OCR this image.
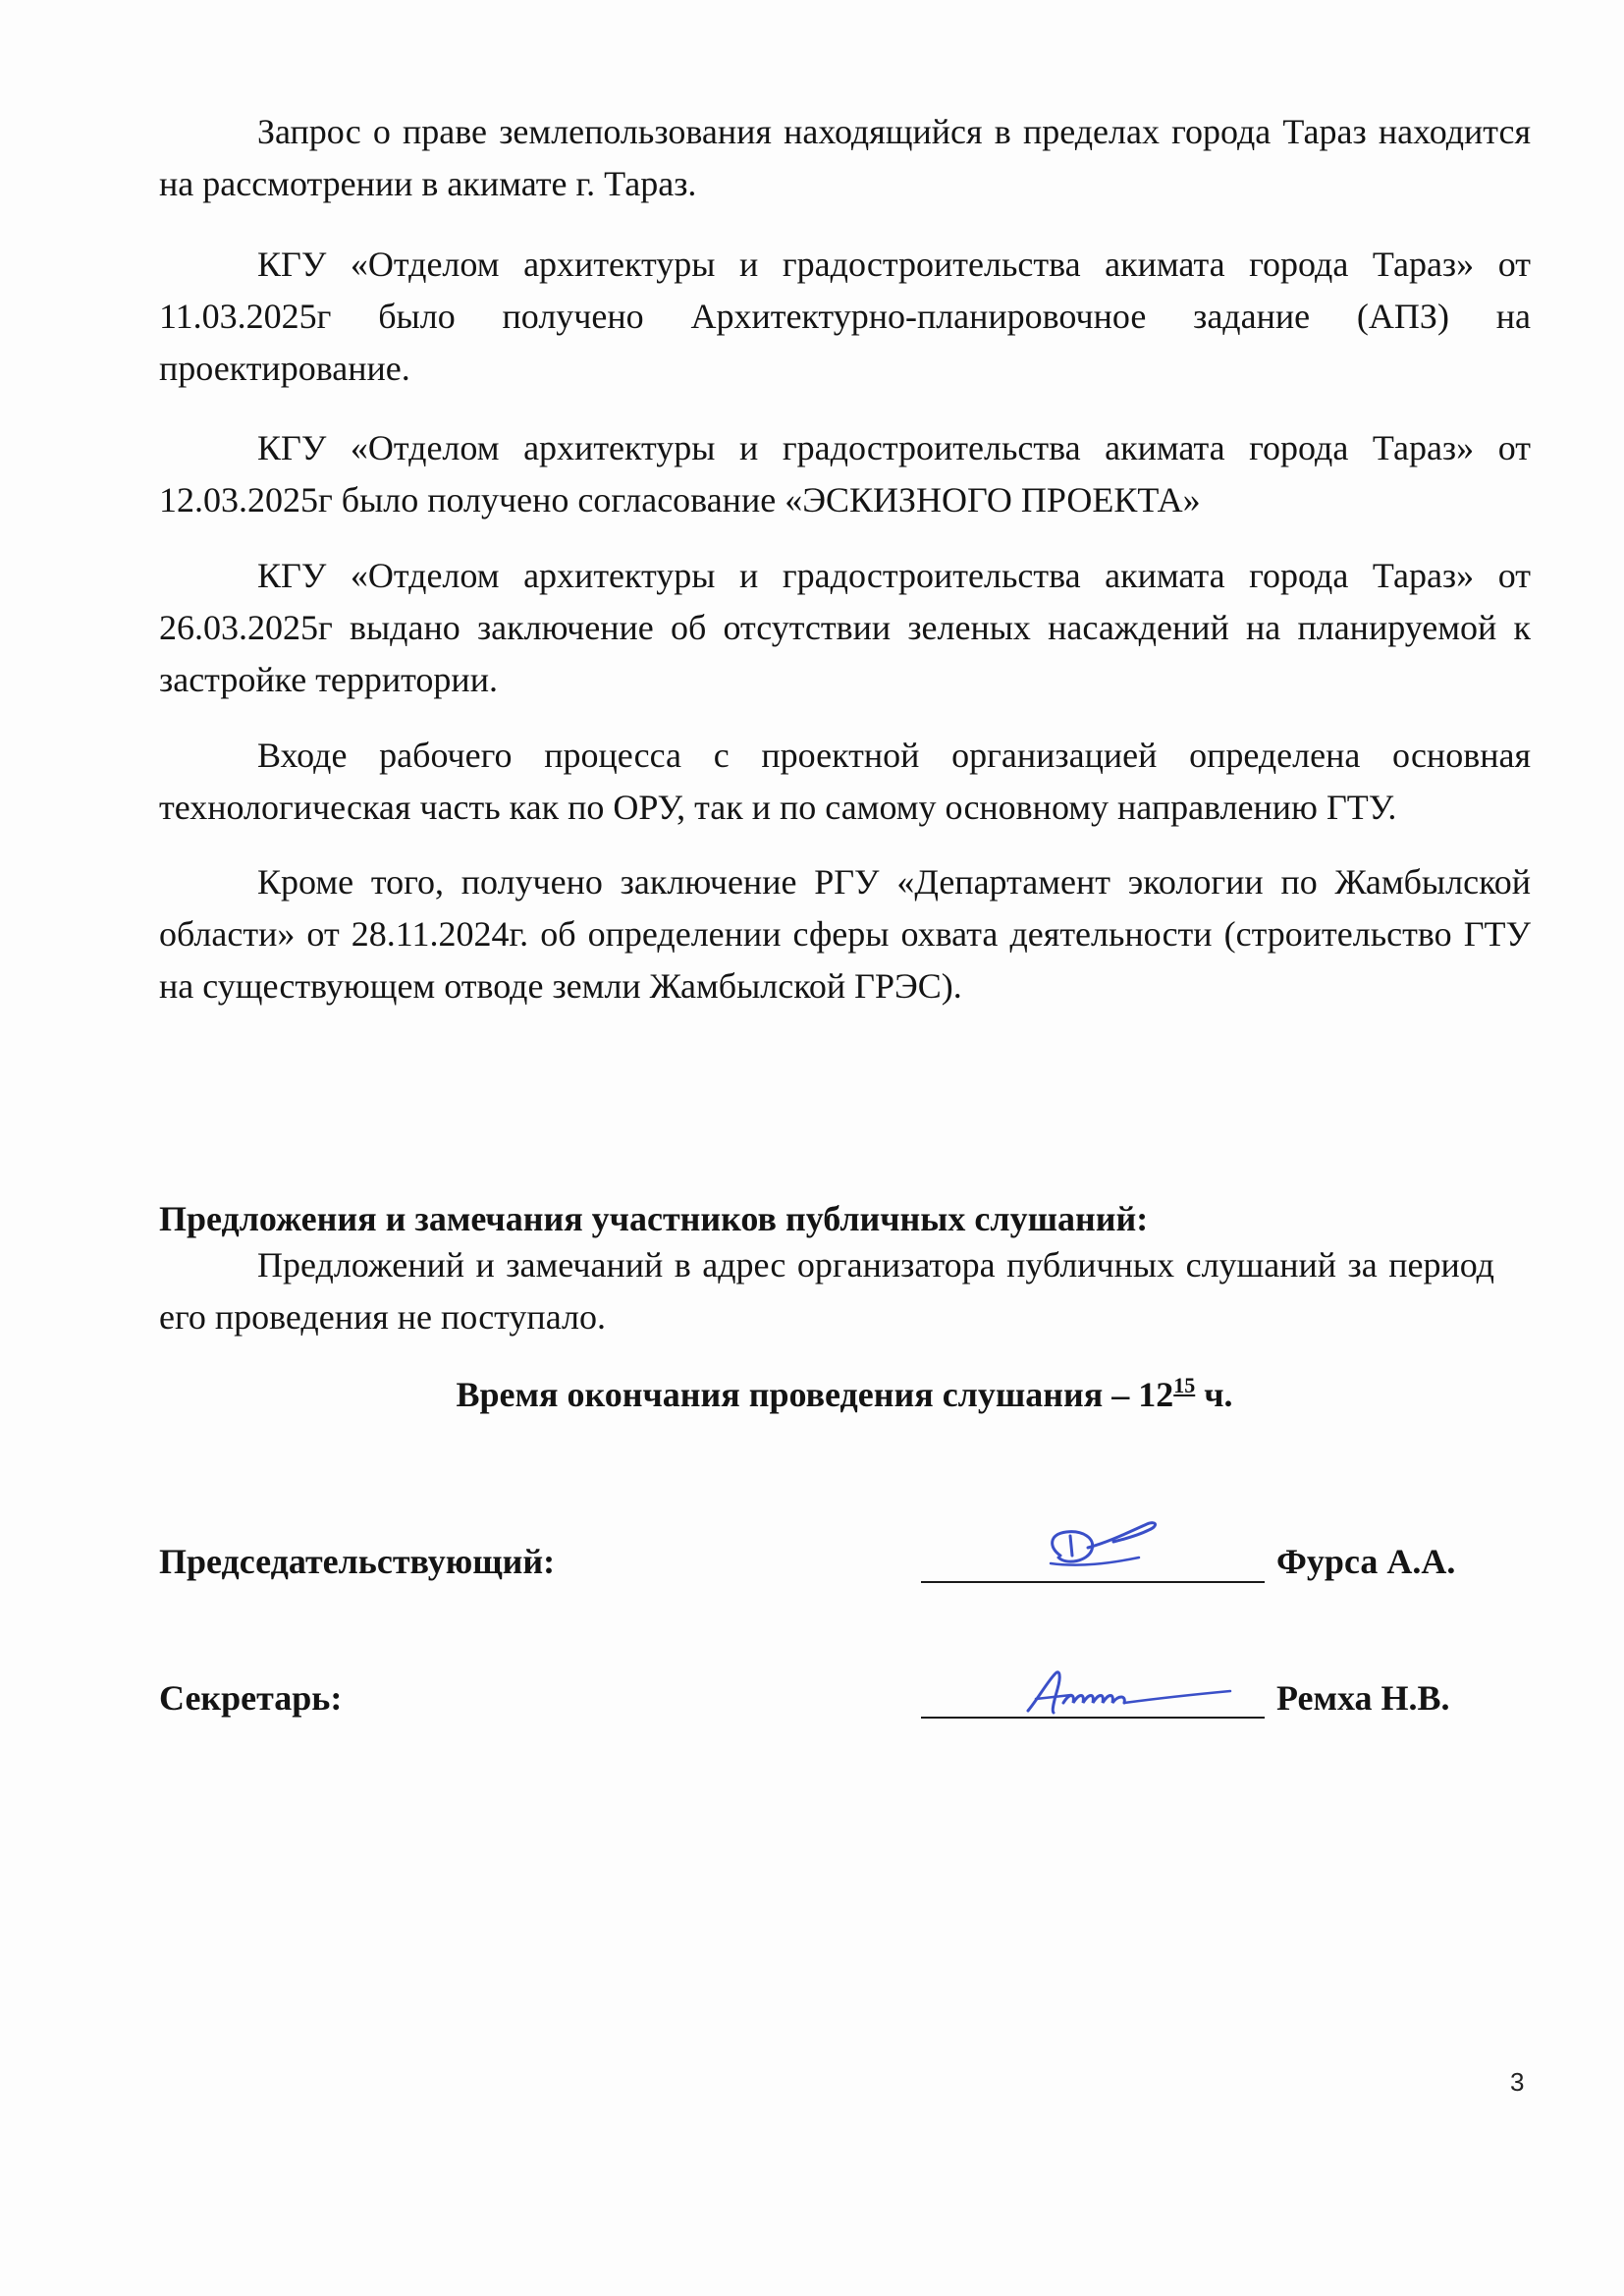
Запрос о праве землепользования находящийся в пределах города Тараз находится на рассмотрении в акимате г. Тараз.

КГУ «Отделом архитектуры и градостроительства акимата города Тараз» от 11.03.2025г было получено Архитектурно-планировочное задание (АПЗ) на проектирование.

КГУ «Отделом архитектуры и градостроительства акимата города Тараз» от 12.03.2025г было получено согласование «ЭСКИЗНОГО ПРОЕКТА»

КГУ «Отделом архитектуры и градостроительства акимата города Тараз» от 26.03.2025г выдано заключение об отсутствии зеленых насаждений на планируемой к застройке территории.

Входе рабочего процесса с проектной организацией определена основная технологическая часть как по ОРУ, так и по самому основному направлению ГТУ.

Кроме того, получено заключение РГУ «Департамент экологии по Жамбылской области» от 28.11.2024г. об определении сферы охвата деятельности (строительство ГТУ на существующем отводе земли Жамбылской ГРЭС).

Предложения и замечания участников публичных слушаний:

Предложений и замечаний в адрес организатора публичных слушаний за период его проведения не поступало.

Время окончания проведения слушания – $12^{15}$ ч.
Председательствующий:	Фурса А.А.
Секретарь:	Ремха Н.В.
3
